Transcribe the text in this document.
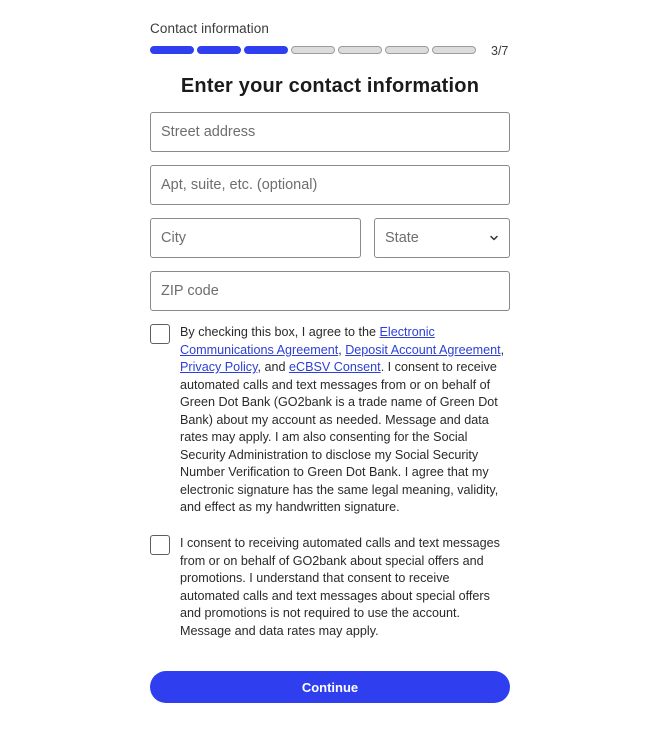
Contact information
3/7
Enter your contact information
Street address
Apt, suite, etc. (optional)
City
State
ZIP code

By checking this box, I agree to the Electronic Communications Agreement, Deposit Account Agreement, Privacy Policy, and eCBSV Consent. I consent to receive automated calls and text messages from or on behalf of Green Dot Bank (GO2bank is a trade name of Green Dot Bank) about my account as needed. Message and data rates may apply. I am also consenting for the Social Security Administration to disclose my Social Security Number Verification to Green Dot Bank. I agree that my electronic signature has the same legal meaning, validity, and effect as my handwritten signature.

I consent to receiving automated calls and text messages from or on behalf of GO2bank about special offers and promotions. I understand that consent to receive automated calls and text messages about special offers and promotions is not required to use the account. Message and data rates may apply.

Continue
